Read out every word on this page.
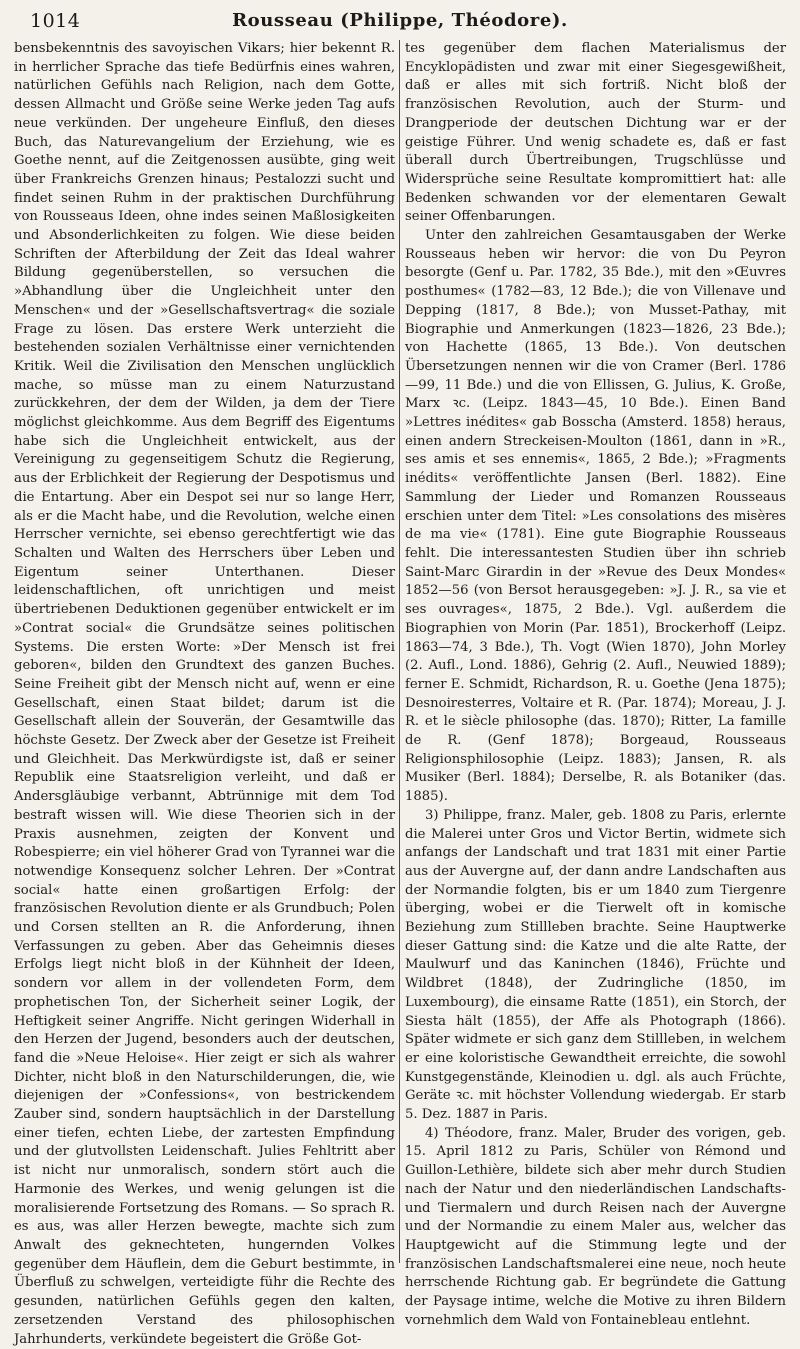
1014	Rousseau (Philippe, Théodore).

bensbekenntnis des savoyischen Vikars; hier bekennt R. in herrlicher Sprache das tiefe Bedürfnis eines wahren, natürlichen Gefühls nach Religion, nach dem Gotte, dessen Allmacht und Größe seine Werke jeden Tag aufs neue verkünden. Der ungeheure Einfluß, den dieses Buch, das Naturevangelium der Erziehung, wie es Goethe nennt, auf die Zeitgenossen ausübte, ging weit über Frankreichs Grenzen hinaus; Pestalozzi sucht und findet seinen Ruhm in der praktischen Durchführung von Rousseaus Ideen, ohne indes seinen Maßlosigkeiten und Absonderlichkeiten zu folgen. Wie diese beiden Schriften der Afterbildung der Zeit das Ideal wahrer Bildung gegenüberstellen, so versuchen die »Abhandlung über die Ungleichheit unter den Menschen« und der »Gesellschaftsvertrag« die soziale Frage zu lösen. Das erstere Werk unterzieht die bestehenden sozialen Verhältnisse einer vernichtenden Kritik. Weil die Zivilisation den Menschen unglücklich mache, so müsse man zu einem Naturzustand zurückkehren, der dem der Wilden, ja dem der Tiere möglichst gleichkomme. Aus dem Begriff des Eigentums habe sich die Ungleichheit entwickelt, aus der Vereinigung zu gegenseitigem Schutz die Regierung, aus der Erblichkeit der Regierung der Despotismus und die Entartung. Aber ein Despot sei nur so lange Herr, als er die Macht habe, und die Revolution, welche einen Herrscher vernichte, sei ebenso gerechtfertigt wie das Schalten und Walten des Herrschers über Leben und Eigentum seiner Unterthanen. Dieser leidenschaftlichen, oft unrichtigen und meist übertriebenen Deduktionen gegenüber entwickelt er im »Contrat social« die Grundsätze seines politischen Systems. Die ersten Worte: »Der Mensch ist frei geboren«, bilden den Grundtext des ganzen Buches. Seine Freiheit gibt der Mensch nicht auf, wenn er eine Gesellschaft, einen Staat bildet; darum ist die Gesellschaft allein der Souverän, der Gesamtwille das höchste Gesetz. Der Zweck aber der Gesetze ist Freiheit und Gleichheit. Das Merkwürdigste ist, daß er seiner Republik eine Staatsreligion verleiht, und daß er Andersgläubige verbannt, Abtrünnige mit dem Tod bestraft wissen will. Wie diese Theorien sich in der Praxis ausnehmen, zeigten der Konvent und Robespierre; ein viel höherer Grad von Tyrannei war die notwendige Konsequenz solcher Lehren. Der »Contrat social« hatte einen großartigen Erfolg: der französischen Revolution diente er als Grundbuch; Polen und Corsen stellten an R. die Anforderung, ihnen Verfassungen zu geben. Aber das Geheimnis dieses Erfolgs liegt nicht bloß in der Kühnheit der Ideen, sondern vor allem in der vollendeten Form, dem prophetischen Ton, der Sicherheit seiner Logik, der Heftigkeit seiner Angriffe. Nicht geringen Widerhall in den Herzen der Jugend, besonders auch der deutschen, fand die »Neue Heloise«. Hier zeigt er sich als wahrer Dichter, nicht bloß in den Naturschilderungen, die, wie diejenigen der »Confessions«, von bestrickendem Zauber sind, sondern hauptsächlich in der Darstellung einer tiefen, echten Liebe, der zartesten Empfindung und der glutvollsten Leidenschaft. Julies Fehltritt aber ist nicht nur unmoralisch, sondern stört auch die Harmonie des Werkes, und wenig gelungen ist die moralisierende Fortsetzung des Romans. — So sprach R. es aus, was aller Herzen bewegte, machte sich zum Anwalt des geknechteten, hungernden Volkes gegenüber dem Häuflein, dem die Geburt bestimmte, in Überfluß zu schwelgen, verteidigte führ die Rechte des gesunden, natürlichen Gefühls gegen den kalten, zersetzenden Verstand des philosophischen Jahrhunderts, verkündete begeistert die Größe Got-

tes gegenüber dem flachen Materialismus der Encyklopädisten und zwar mit einer Siegesgewißheit, daß er alles mit sich fortriß. Nicht bloß der französischen Revolution, auch der Sturm- und Drangperiode der deutschen Dichtung war er der geistige Führer. Und wenig schadete es, daß er fast überall durch Übertreibungen, Trugschlüsse und Widersprüche seine Resultate kompromittiert hat: alle Bedenken schwanden vor der elementaren Gewalt seiner Offenbarungen.

Unter den zahlreichen Gesamtausgaben der Werke Rousseaus heben wir hervor: die von Du Peyron besorgte (Genf u. Par. 1782, 35 Bde.), mit den »Œuvres posthumes« (1782—83, 12 Bde.); die von Villenave und Depping (1817, 8 Bde.); von Musset-Pathay, mit Biographie und Anmerkungen (1823—1826, 23 Bde.); von Hachette (1865, 13 Bde.). Von deutschen Übersetzungen nennen wir die von Cramer (Berl. 1786—99, 11 Bde.) und die von Ellissen, G. Julius, K. Große, Marx ꝛc. (Leipz. 1843—45, 10 Bde.). Einen Band »Lettres inédites« gab Bosscha (Amsterd. 1858) heraus, einen andern Streckeisen-Moulton (1861, dann in »R., ses amis et ses ennemis«, 1865, 2 Bde.); »Fragments inédits« veröffentlichte Jansen (Berl. 1882). Eine Sammlung der Lieder und Romanzen Rousseaus erschien unter dem Titel: »Les consolations des misères de ma vie« (1781). Eine gute Biographie Rousseaus fehlt. Die interessantesten Studien über ihn schrieb Saint-Marc Girardin in der »Revue des Deux Mondes« 1852—56 (von Bersot herausgegeben: »J. J. R., sa vie et ses ouvrages«, 1875, 2 Bde.). Vgl. außerdem die Biographien von Morin (Par. 1851), Brockerhoff (Leipz. 1863—74, 3 Bde.), Th. Vogt (Wien 1870), John Morley (2. Aufl., Lond. 1886), Gehrig (2. Aufl., Neuwied 1889); ferner E. Schmidt, Richardson, R. u. Goethe (Jena 1875); Desnoiresterres, Voltaire et R. (Par. 1874); Moreau, J. J. R. et le siècle philosophe (das. 1870); Ritter, La famille de R. (Genf 1878); Borgeaud, Rousseaus Religionsphilosophie (Leipz. 1883); Jansen, R. als Musiker (Berl. 1884); Derselbe, R. als Botaniker (das. 1885).

3) Philippe, franz. Maler, geb. 1808 zu Paris, erlernte die Malerei unter Gros und Victor Bertin, widmete sich anfangs der Landschaft und trat 1831 mit einer Partie aus der Auvergne auf, der dann andre Landschaften aus der Normandie folgten, bis er um 1840 zum Tiergenre überging, wobei er die Tierwelt oft in komische Beziehung zum Stillleben brachte. Seine Hauptwerke dieser Gattung sind: die Katze und die alte Ratte, der Maulwurf und das Kaninchen (1846), Früchte und Wildbret (1848), der Zudringliche (1850, im Luxembourg), die einsame Ratte (1851), ein Storch, der Siesta hält (1855), der Affe als Photograph (1866). Später widmete er sich ganz dem Stillleben, in welchem er eine koloristische Gewandtheit erreichte, die sowohl Kunstgegenstände, Kleinodien u. dgl. als auch Früchte, Geräte ꝛc. mit höchster Vollendung wiedergab. Er starb 5. Dez. 1887 in Paris.

4) Théodore, franz. Maler, Bruder des vorigen, geb. 15. April 1812 zu Paris, Schüler von Rémond und Guillon-Lethière, bildete sich aber mehr durch Studien nach der Natur und den niederländischen Landschafts- und Tiermalern und durch Reisen nach der Auvergne und der Normandie zu einem Maler aus, welcher das Hauptgewicht auf die Stimmung legte und der französischen Landschaftsmalerei eine neue, noch heute herrschende Richtung gab. Er begründete die Gattung der Paysage intime, welche die Motive zu ihren Bildern vornehmlich dem Wald von Fontainebleau entlehnt.
